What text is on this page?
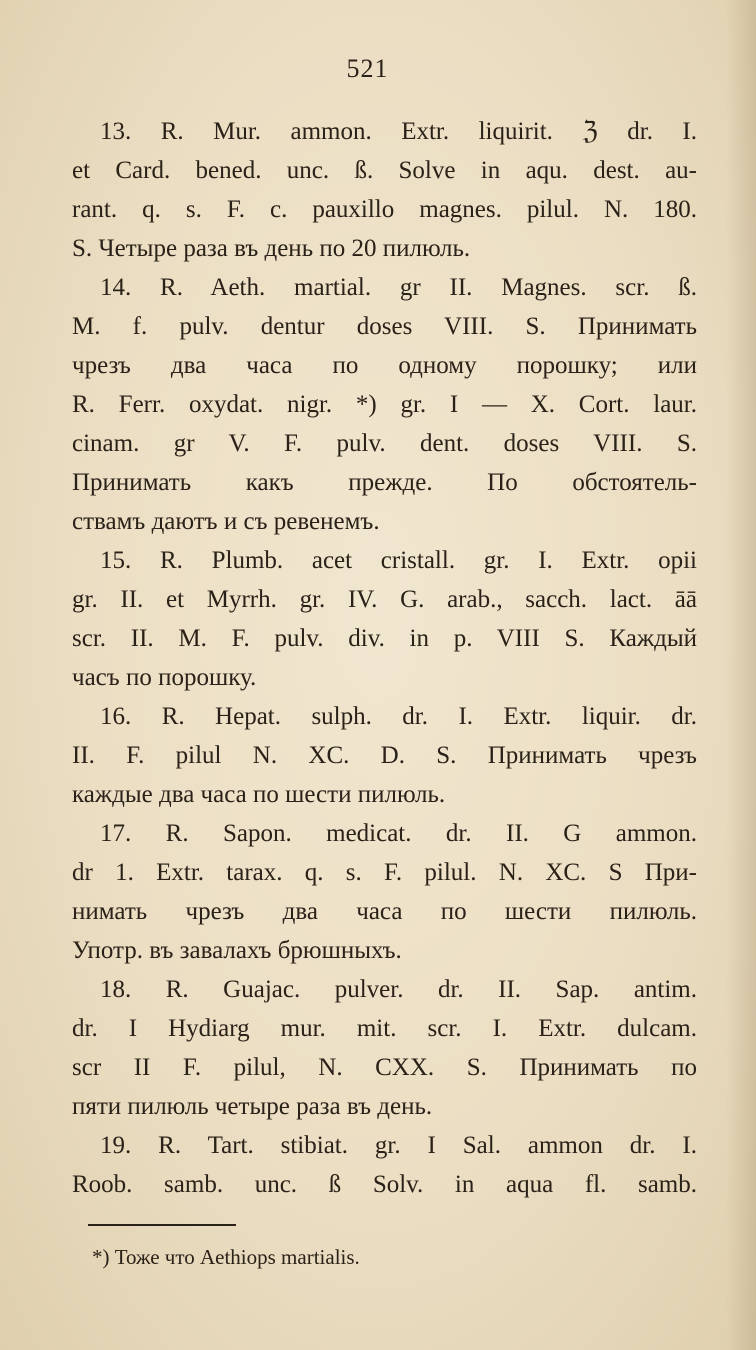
521
13. R. Mur. ammon. Extr. liquirit. ℨ dr. I.
et Card. bened. unc. ß. Solve in aqu. dest. au-
rant. q. s. F. c. pauxillo magnes. pilul. N. 180.
S. Четыре раза въ день по 20 пилюль.
14. R. Aeth. martial. gr II. Magnes. scr. ß.
M. f. pulv. dentur doses VIII. S. Принимать
чрезъ два часа по одному порошку; или
R. Ferr. oxydat. nigr. *) gr. I — X. Cort. laur.
cinam. gr V. F. pulv. dent. doses VIII. S.
Принимать какъ прежде. По обстоятель-
ствамъ даютъ и съ ревенемъ.
15. R. Plumb. acet cristall. gr. I. Extr. opii
gr. II. et Myrrh. gr. IV. G. arab., sacch. lact. āā
scr. II. M. F. pulv. div. in p. VIII S. Каждый
часъ по порошку.
16. R. Hepat. sulph. dr. I. Extr. liquir. dr.
II. F. pilul N. XC. D. S. Принимать чрезъ
каждые два часа по шести пилюль.
17. R. Sapon. medicat. dr. II. G ammon.
dr 1. Extr. tarax. q. s. F. pilul. N. XC. S При-
нимать чрезъ два часа по шести пилюль.
Употр. въ завалахъ брюшныхъ.
18. R. Guajac. pulver. dr. II. Sap. antim.
dr. I Hydiarg mur. mit. scr. I. Extr. dulcam.
scr II F. pilul, N. CXX. S. Принимать по
пяти пилюль четыре раза въ день.
19. R. Tart. stibiat. gr. I Sal. ammon dr. I.
Roob. samb. unc. ß Solv. in aqua fl. samb.
*) Тоже что Aethiops martialis.
